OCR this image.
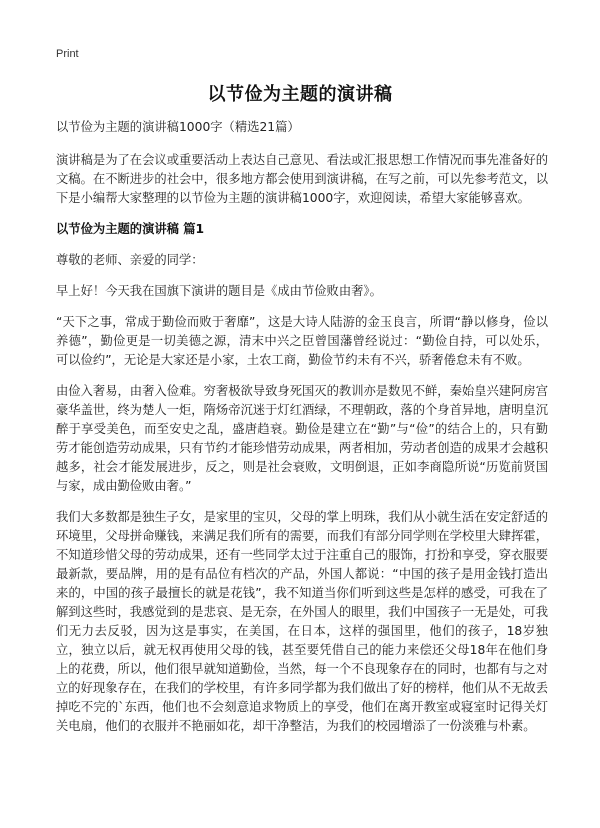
Print
以节俭为主题的演讲稿

以节俭为主题的演讲稿1000字（精选21篇）

演讲稿是为了在会议或重要活动上表达自己意见、看法或汇报思想工作情况而事先准备好的文稿。在不断进步的社会中，很多地方都会使用到演讲稿，在写之前，可以先参考范文，以下是小编帮大家整理的以节俭为主题的演讲稿1000字，欢迎阅读，希望大家能够喜欢。

以节俭为主题的演讲稿 篇1

尊敬的老师、亲爱的同学：

早上好！今天我在国旗下演讲的题目是《成由节俭败由奢》。

“天下之事，常成于勤俭而败于奢靡”，这是大诗人陆游的金玉良言，所谓“静以修身，俭以养德”，勤俭更是一切美德之源，清末中兴之臣曾国藩曾经说过：“勤俭自持，可以处乐，可以俭约”，无论是大家还是小家，土农工商，勤俭节约未有不兴，骄奢倦怠未有不败。

由俭入奢易，由奢入俭难。穷奢极欲导致身死国灭的教训亦是数见不鲜，秦始皇兴建阿房宫豪华盖世，终为楚人一炬，隋炀帝沉迷于灯红酒绿，不理朝政，落的个身首异地，唐明皇沉醉于享受美色，而至安史之乱，盛唐趋衰。勤俭是建立在“勤”与“俭”的结合上的，只有勤劳才能创造劳动成果，只有节约才能珍惜劳动成果，两者相加，劳动者创造的成果才会越积越多，社会才能发展进步，反之，则是社会衰败，文明倒退，正如李商隐所说“历览前贤国与家，成由勤俭败由奢。”

我们大多数都是独生子女，是家里的宝贝，父母的掌上明珠，我们从小就生活在安定舒适的环境里，父母拼命赚钱，来满足我们所有的需要，而我们有部分同学则在学校里大肆挥霍，不知道珍惜父母的劳动成果，还有一些同学太过于注重自己的服饰，打扮和享受，穿衣服要最新款，要品牌，用的是有品位有档次的产品，外国人都说：“中国的孩子是用金钱打造出来的，中国的孩子最擅长的就是花钱”，我不知道当你们听到这些是怎样的感受，可我在了解到这些时，我感觉到的是悲哀、是无奈，在外国人的眼里，我们中国孩子一无是处，可我们无力去反驳，因为这是事实，在美国，在日本，这样的强国里，他们的孩子，18岁独立，独立以后，就无权再使用父母的钱，甚至要凭借自己的能力来偿还父母18年在他们身上的花费，所以，他们很早就知道勤俭，当然，每一个不良现象存在的同时，也都有与之对立的好现象存在，在我们的学校里，有许多同学都为我们做出了好的榜样，他们从不无故丢掉吃不完的`东西，他们也不会刻意追求物质上的享受，他们在离开教室或寝室时记得关灯关电扇，他们的衣服并不艳丽如花，却干净整洁，为我们的校园增添了一份淡雅与朴素。
